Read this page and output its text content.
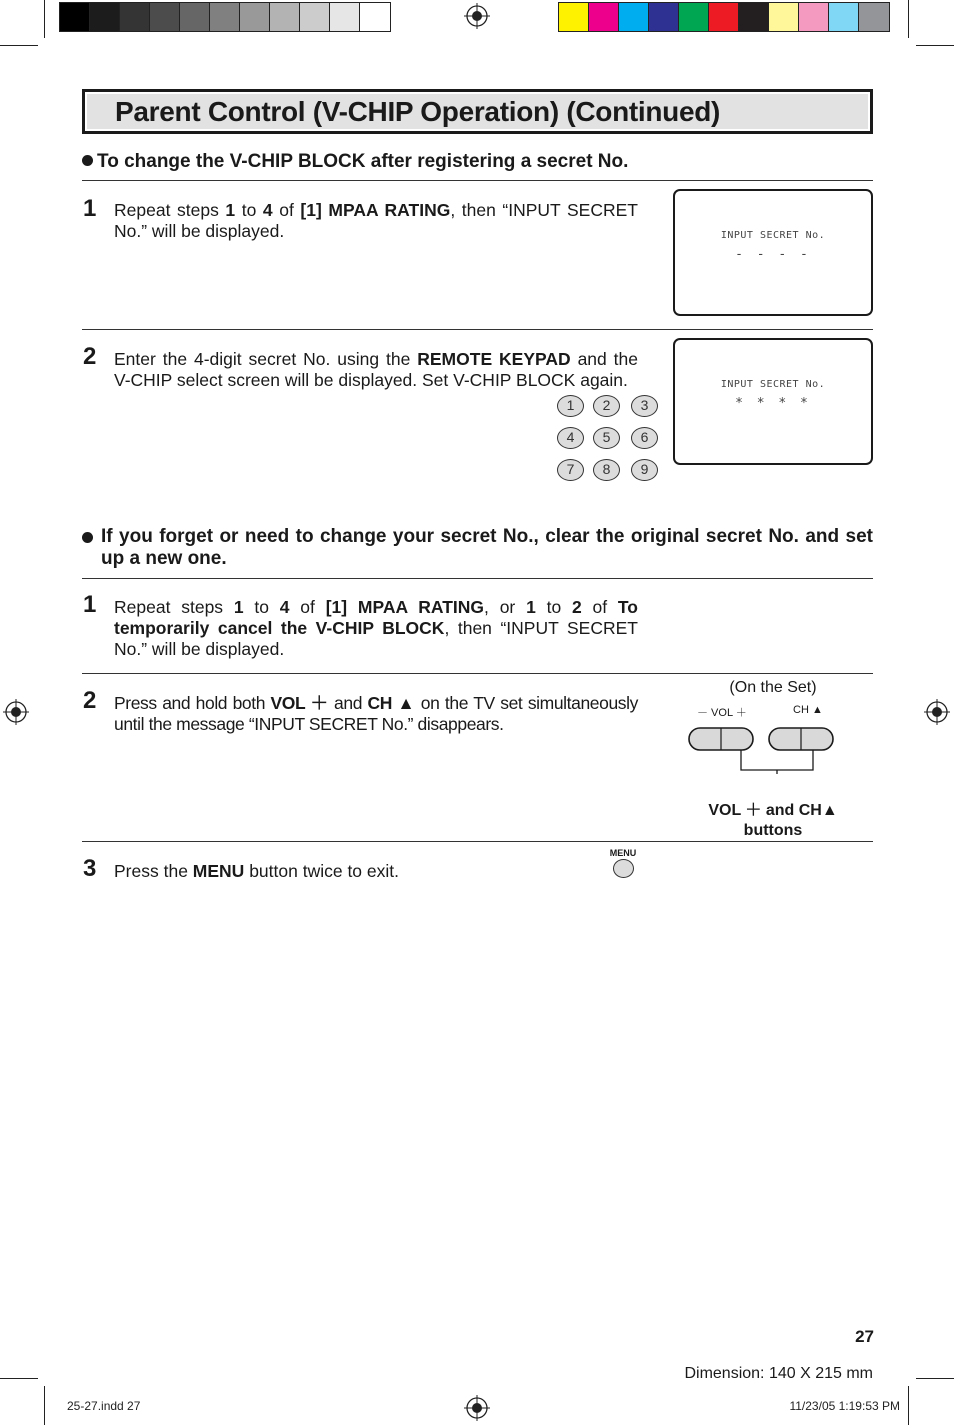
Parent Control (V-CHIP Operation) (Continued)
To change the V-CHIP BLOCK after registering a secret No.
1 Repeat steps 1 to 4 of [1] MPAA RATING, then “INPUT SECRET No.” will be displayed.	INPUT SECRET No.
- - - -
2 Enter the 4-digit secret No. using the REMOTE KEYPAD and the V-CHIP select screen will be displayed. Set V-CHIP BLOCK again.	INPUT SECRET No.
* * * *
1	2	3
4	5	6
7	8	9
If you forget or need to change your secret No., clear the original secret No. and set up a new one.
1 Repeat steps 1 to 4 of [1] MPAA RATING, or 1 to 2 of To temporarily cancel the V-CHIP BLOCK, then “INPUT SECRET No.” will be displayed.
2 Press and hold both VOL ＋ and CH ▲ on the TV set simultaneously until the message “INPUT SECRET No.” disappears.
(On the Set)
－ VOL ＋	CH ▲
VOL ＋ and CH▲
buttons
3 Press the MENU button twice to exit.
MENU
27
Dimension: 140 X 215 mm
25-27.indd 27	11/23/05 1:19:53 PM
